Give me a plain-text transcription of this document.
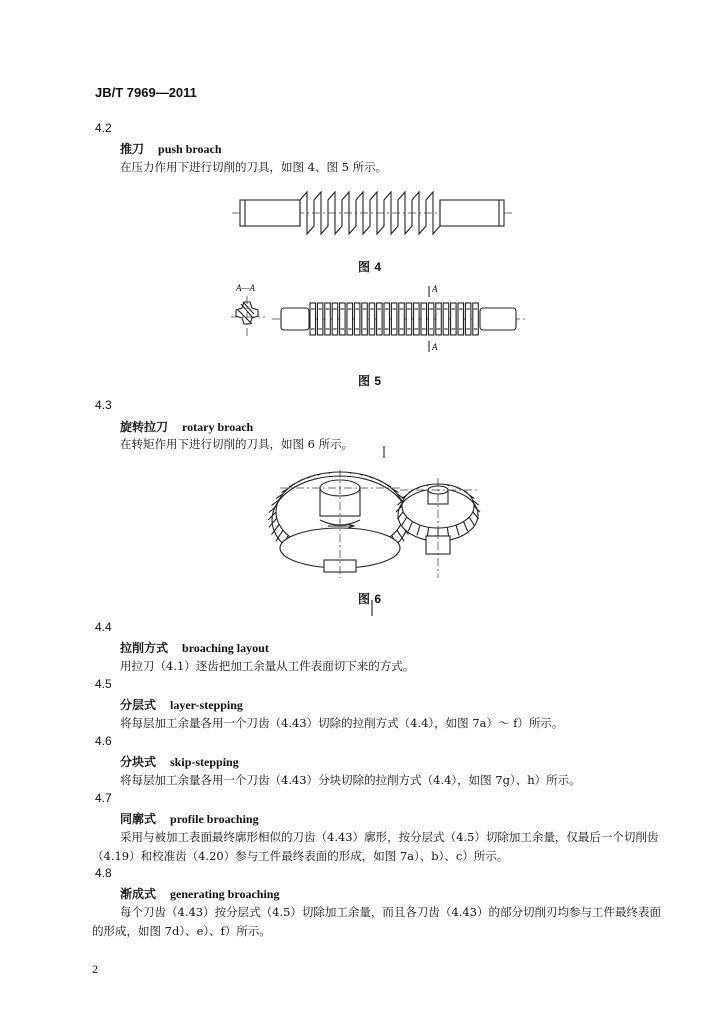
JB/T 7969—2011
4.2
推刀 push broach
在压力作用下进行切削的刀具，如图 4、图 5 所示。
图 4
A—A	A
A
图 5
4.3
旋转拉刀 rotary broach
在转矩作用下进行切削的刀具，如图 6 所示。
图 6
4.4
拉削方式 broaching layout
用拉刀（4.1）逐齿把加工余量从工件表面切下来的方式。
4.5
分层式 layer-stepping
将每层加工余量各用一个刀齿（4.43）切除的拉削方式（4.4），如图 7a）～ f）所示。
4.6
分块式 skip-stepping
将每层加工余量各用一个刀齿（4.43）分块切除的拉削方式（4.4），如图 7g）、h）所示。
4.7
同廓式 profile broaching
采用与被加工表面最终廓形相似的刀齿（4.43）廓形，按分层式（4.5）切除加工余量，仅最后一个切削齿（4.19）和校准齿（4.20）参与工件最终表面的形成，如图 7a）、b）、c）所示。
4.8
渐成式 generating broaching
每个刀齿（4.43）按分层式（4.5）切除加工余量，而且各刀齿（4.43）的部分切削刃均参与工件最终表面的形成，如图 7d）、e）、f）所示。
2
